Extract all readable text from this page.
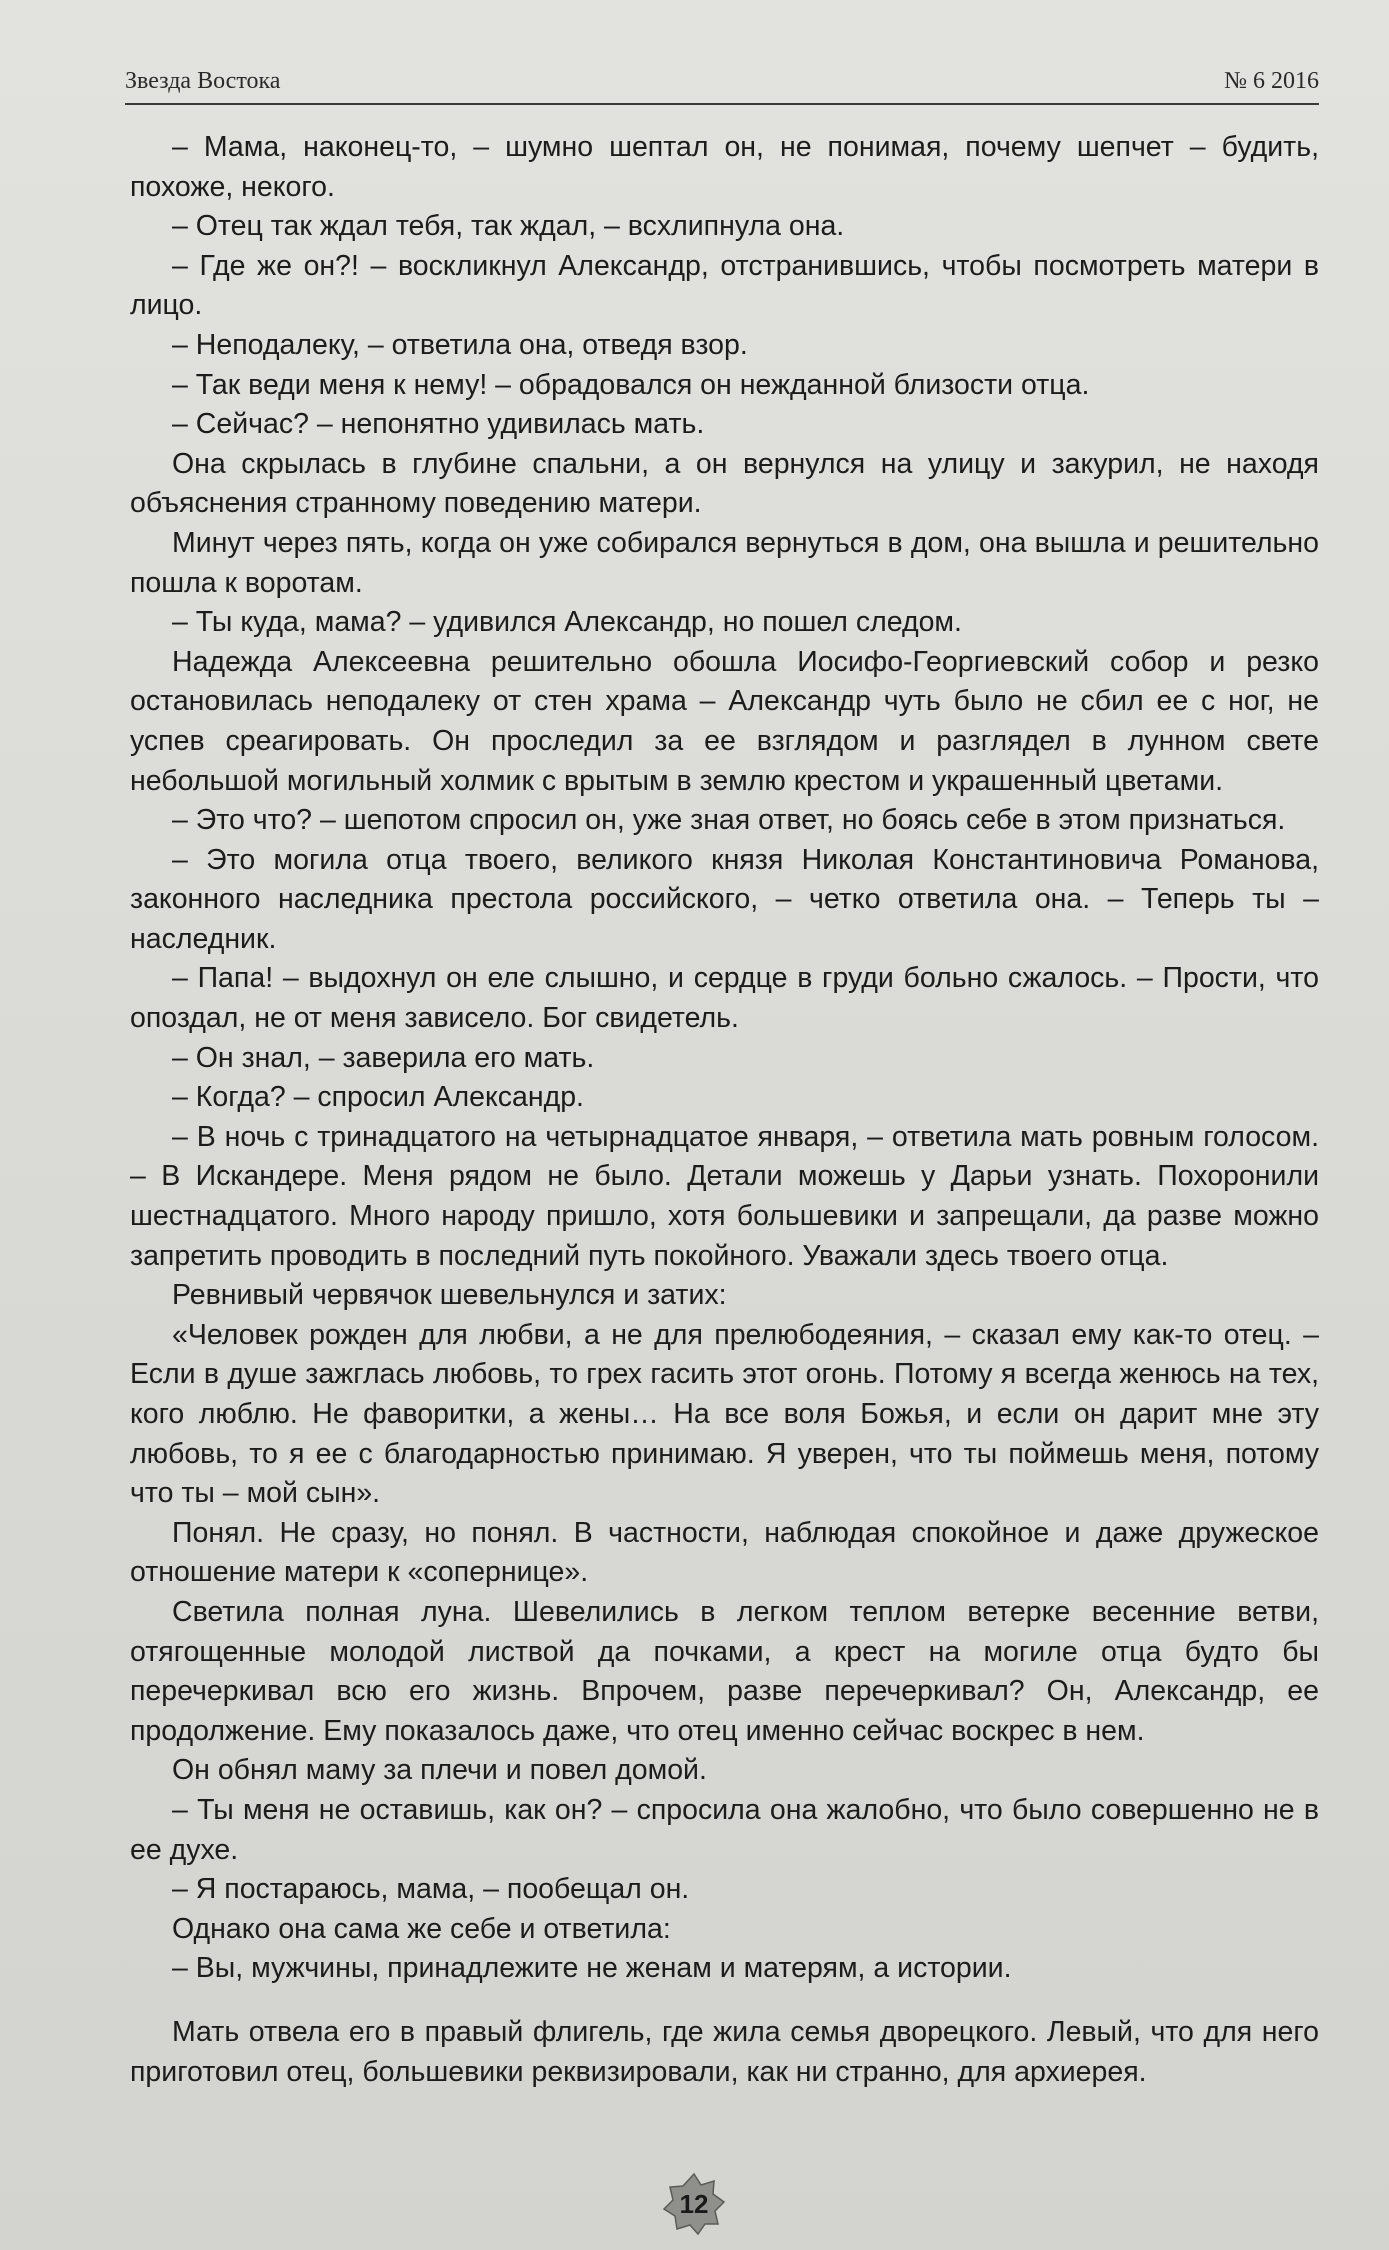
Звезда Востока	№ 6 2016

– Мама, наконец-то, – шумно шептал он, не понимая, почему шепчет – будить, похоже, некого.

– Отец так ждал тебя, так ждал, – всхлипнула она.

– Где же он?! – воскликнул Александр, отстранившись, чтобы посмотреть матери в лицо.

– Неподалеку, – ответила она, отведя взор.

– Так веди меня к нему! – обрадовался он нежданной близости отца.

– Сейчас? – непонятно удивилась мать.

Она скрылась в глубине спальни, а он вернулся на улицу и закурил, не находя объяснения странному поведению матери.

Минут через пять, когда он уже собирался вернуться в дом, она вышла и решительно пошла к воротам.

– Ты куда, мама? – удивился Александр, но пошел следом.

Надежда Алексеевна решительно обошла Иосифо-Георгиевский собор и резко остановилась неподалеку от стен храма – Александр чуть было не сбил ее с ног, не успев среагировать. Он проследил за ее взглядом и разглядел в лунном свете небольшой могильный холмик с врытым в землю крестом и украшенный цветами.

– Это что? – шепотом спросил он, уже зная ответ, но боясь себе в этом признаться.

– Это могила отца твоего, великого князя Николая Константиновича Романова, законного наследника престола российского, – четко ответила она. – Теперь ты – наследник.

– Папа! – выдохнул он еле слышно, и сердце в груди больно сжалось. – Прости, что опоздал, не от меня зависело. Бог свидетель.

– Он знал, – заверила его мать.

– Когда? – спросил Александр.

– В ночь с тринадцатого на четырнадцатое января, – ответила мать ровным голосом. – В Искандере. Меня рядом не было. Детали можешь у Дарьи узнать. Похоронили шестнадцатого. Много народу пришло, хотя большевики и запрещали, да разве можно запретить проводить в последний путь покойного. Уважали здесь твоего отца.

Ревнивый червячок шевельнулся и затих:

«Человек рожден для любви, а не для прелюбодеяния, – сказал ему как-то отец. – Если в душе зажглась любовь, то грех гасить этот огонь. Потому я всегда женюсь на тех, кого люблю. Не фаворитки, а жены… На все воля Божья, и если он дарит мне эту любовь, то я ее с благодарностью принимаю. Я уверен, что ты поймешь меня, потому что ты – мой сын».

Понял. Не сразу, но понял. В частности, наблюдая спокойное и даже дружеское отношение матери к «сопернице».

Светила полная луна. Шевелились в легком теплом ветерке весенние ветви, отягощенные молодой листвой да почками, а крест на могиле отца будто бы перечеркивал всю его жизнь. Впрочем, разве перечеркивал? Он, Александр, ее продолжение. Ему показалось даже, что отец именно сейчас воскрес в нем.

Он обнял маму за плечи и повел домой.

– Ты меня не оставишь, как он? – спросила она жалобно, что было совершенно не в ее духе.

– Я постараюсь, мама, – пообещал он.

Однако она сама же себе и ответила:

– Вы, мужчины, принадлежите не женам и матерям, а истории.

Мать отвела его в правый флигель, где жила семья дворецкого. Левый, что для него приготовил отец, большевики реквизировали, как ни странно, для архиерея.

12
